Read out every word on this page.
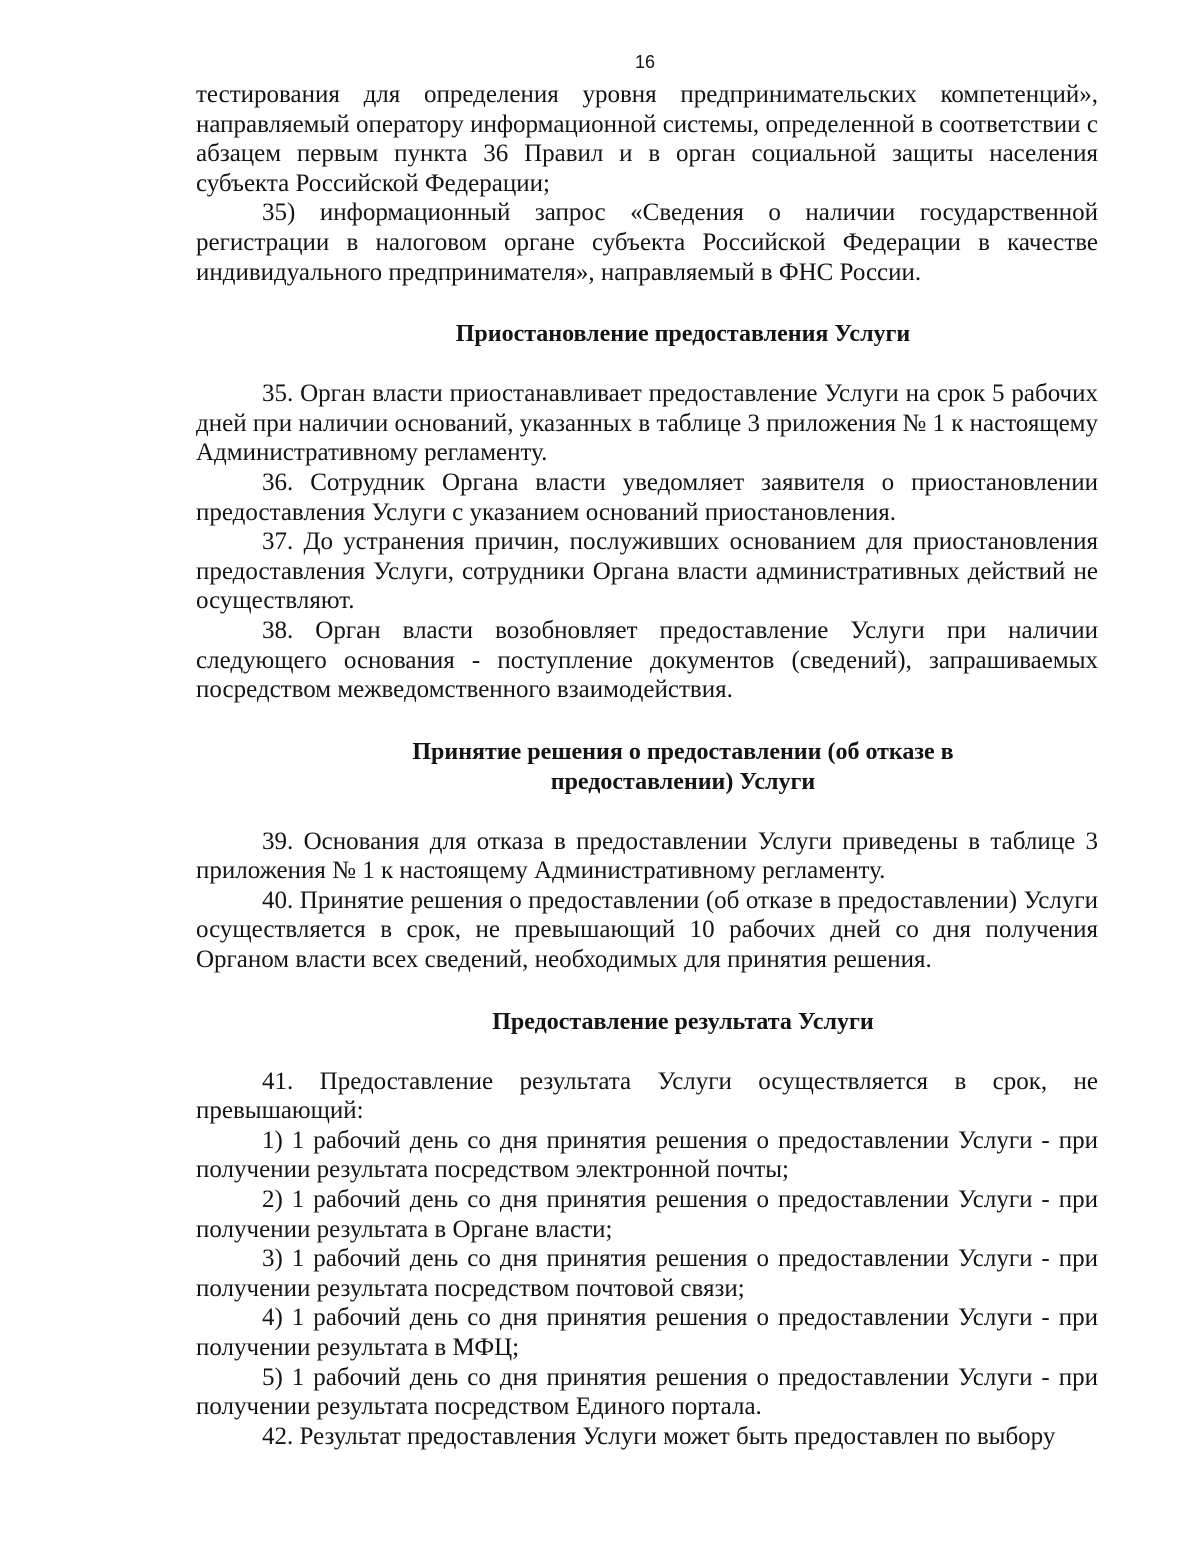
16

тестирования для определения уровня предпринимательских компетенций», направляемый оператору информационной системы, определенной в соответствии с абзацем первым пункта 36 Правил и в орган социальной защиты населения субъекта Российской Федерации;

35) информационный запрос «Сведения о наличии государственной регистрации в налоговом органе субъекта Российской Федерации в качестве индивидуального предпринимателя», направляемый в ФНС России.

Приостановление предоставления Услуги

35. Орган власти приостанавливает предоставление Услуги на срок 5 рабочих дней при наличии оснований, указанных в таблице 3 приложения № 1 к настоящему Административному регламенту.

36. Сотрудник Органа власти уведомляет заявителя о приостановлении предоставления Услуги с указанием оснований приостановления.

37. До устранения причин, послуживших основанием для приостановления предоставления Услуги, сотрудники Органа власти административных действий не осуществляют.

38. Орган власти возобновляет предоставление Услуги при наличии следующего основания - поступление документов (сведений), запрашиваемых посредством межведомственного взаимодействия.

Принятие решения о предоставлении (об отказе в
предоставлении) Услуги

39. Основания для отказа в предоставлении Услуги приведены в таблице 3 приложения № 1 к настоящему Административному регламенту.

40. Принятие решения о предоставлении (об отказе в предоставлении) Услуги осуществляется в срок, не превышающий 10 рабочих дней со дня получения Органом власти всех сведений, необходимых для принятия решения.

Предоставление результата Услуги

41. Предоставление результата Услуги осуществляется в срок, не превышающий:

1) 1 рабочий день со дня принятия решения о предоставлении Услуги - при получении результата посредством электронной почты;

2) 1 рабочий день со дня принятия решения о предоставлении Услуги - при получении результата в Органе власти;

3) 1 рабочий день со дня принятия решения о предоставлении Услуги - при получении результата посредством почтовой связи;

4) 1 рабочий день со дня принятия решения о предоставлении Услуги - при получении результата в МФЦ;

5) 1 рабочий день со дня принятия решения о предоставлении Услуги - при получении результата посредством Единого портала.

42. Результат предоставления Услуги может быть предоставлен по выбору
